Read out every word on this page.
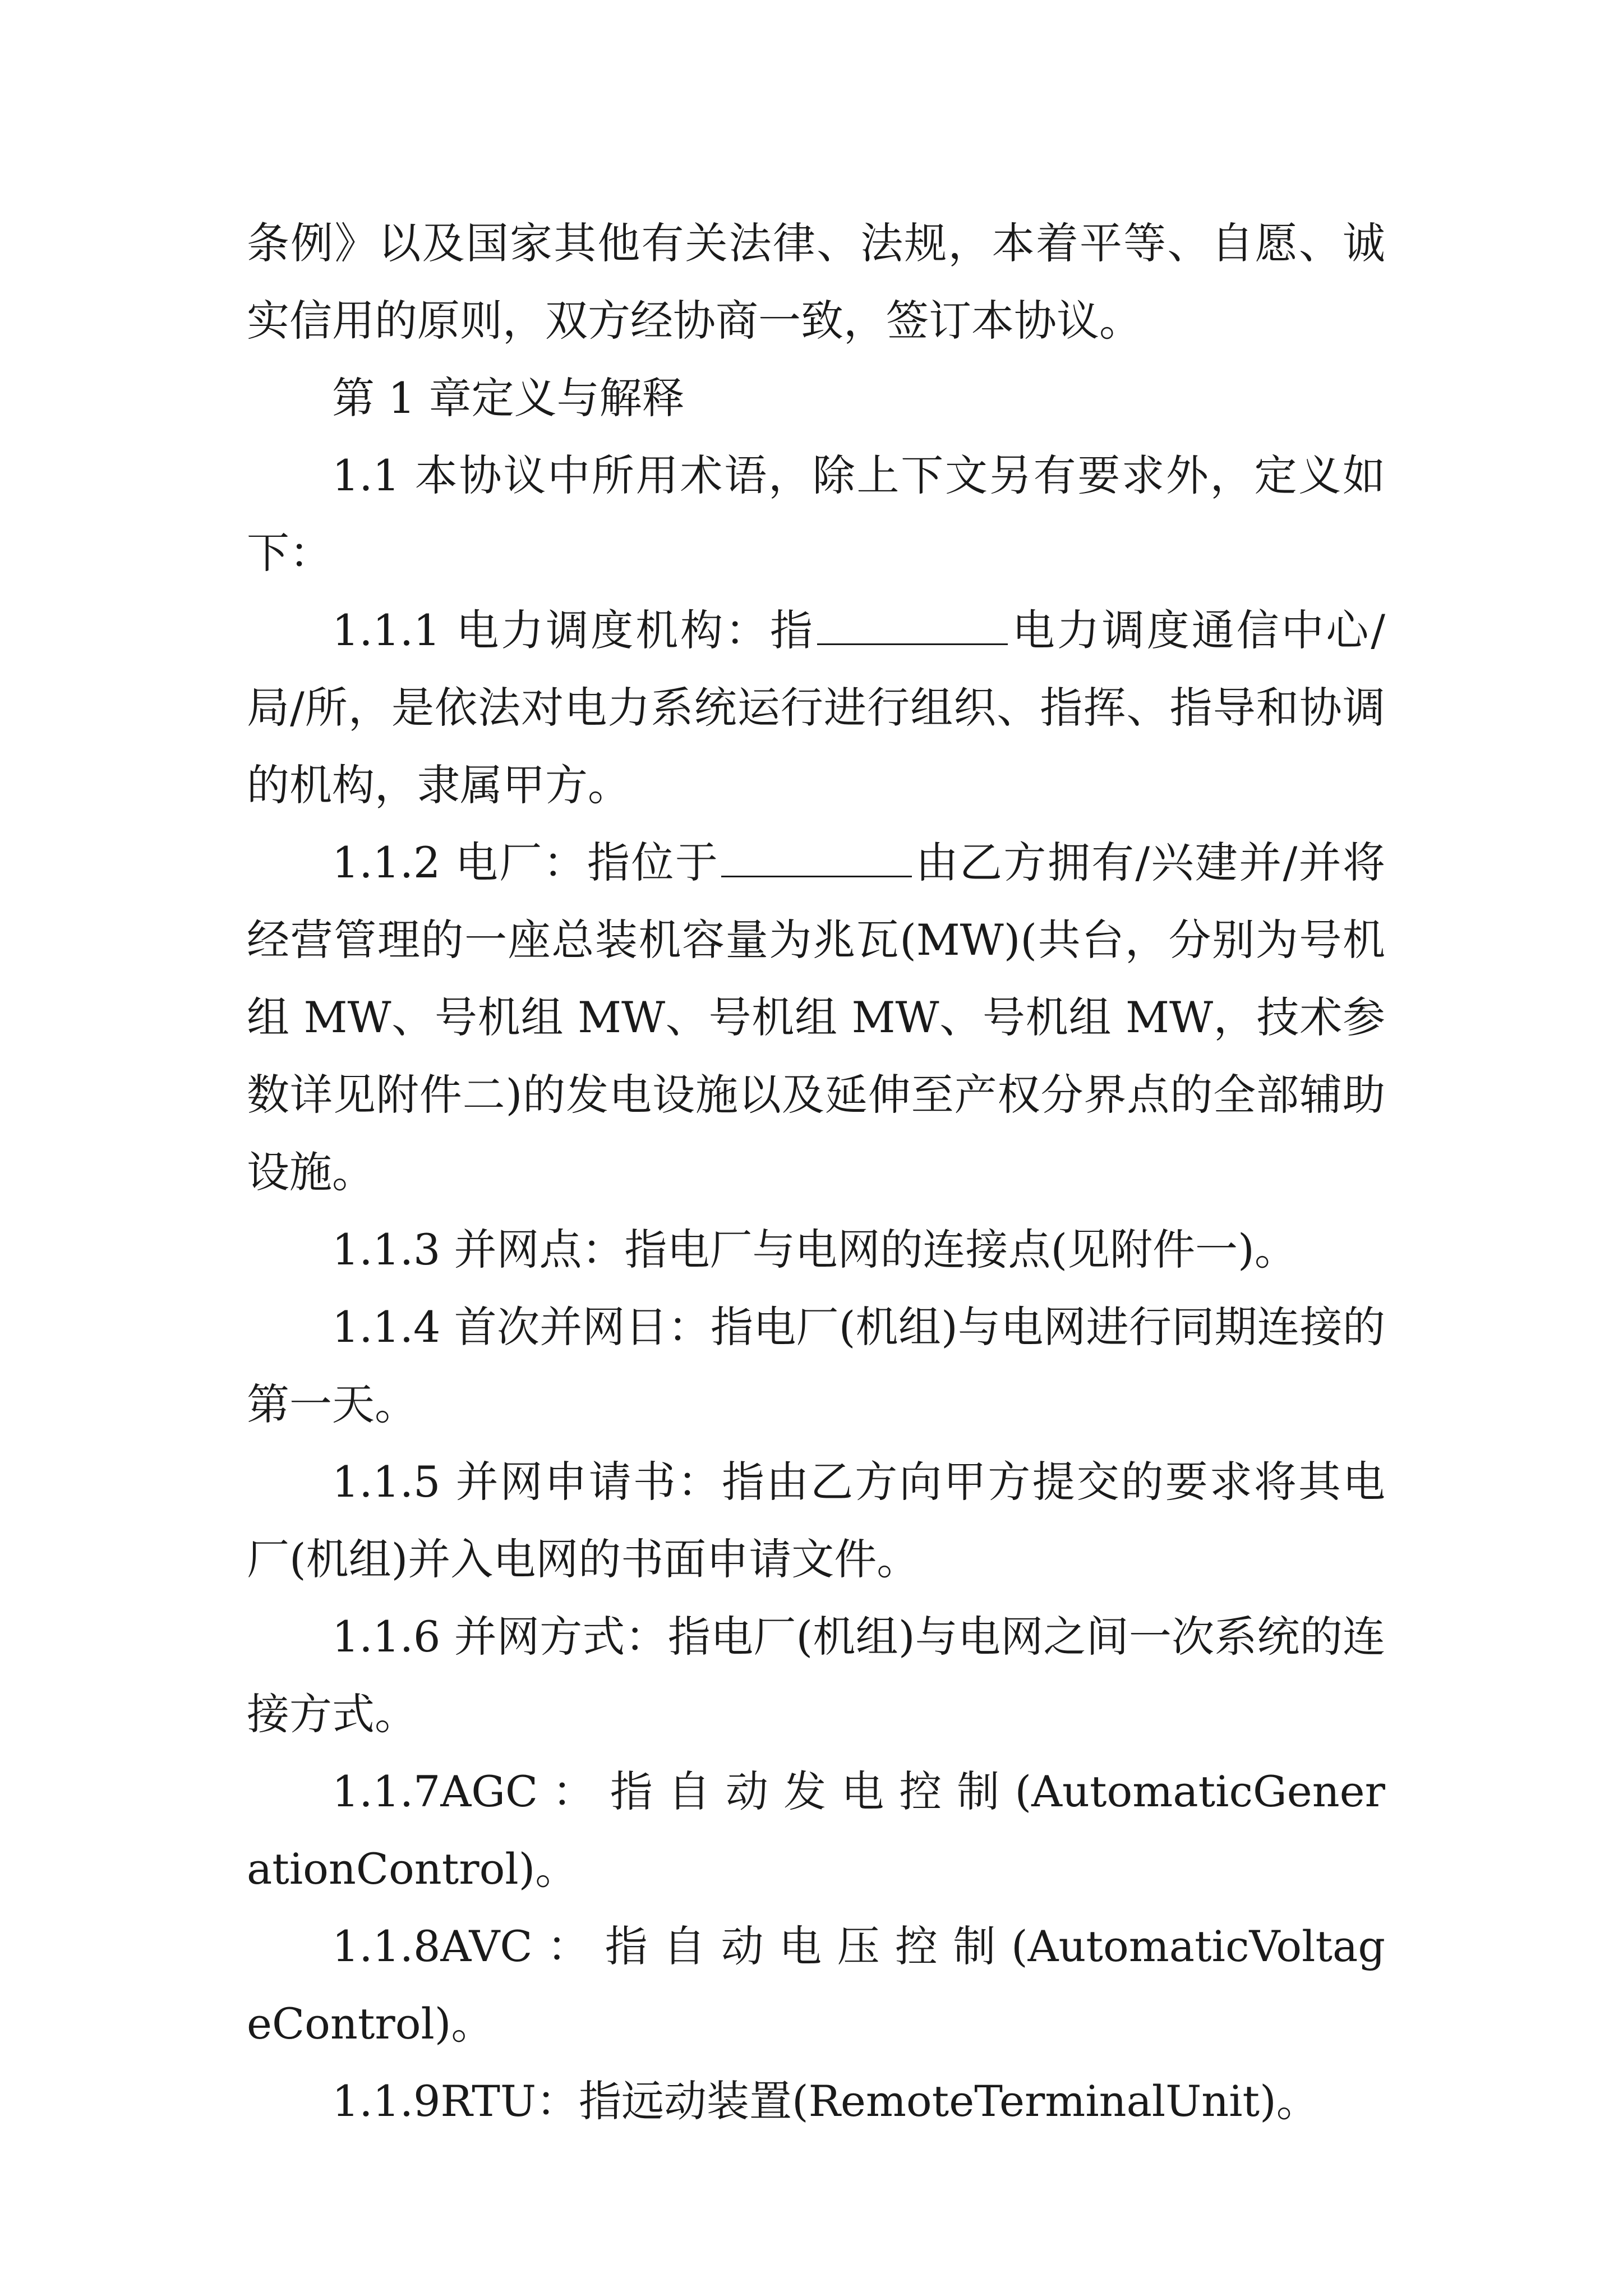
条例》以及国家其他有关法律、法规，本着平等、自愿、诚实信用的原则，双方经协商一致，签订本协议。

第 1 章定义与解释

1.1 本协议中所用术语，除上下文另有要求外，定义如下：

1.1.1 电力调度机构：指	电力调度通信中心/局/所，是依法对电力系统运行进行组织、指挥、指导和协调的机构，隶属甲方。

1.1.2 电厂：指位于	由乙方拥有/兴建并/并将经营管理的一座总装机容量为兆瓦(MW)(共台，分别为号机组 MW、号机组 MW、号机组 MW、号机组 MW，技术参数详见附件二)的发电设施以及延伸至产权分界点的全部辅助设施。

1.1.3 并网点：指电厂与电网的连接点(见附件一)。

1.1.4 首次并网日：指电厂(机组)与电网进行同期连接的第一天。

1.1.5 并网申请书：指由乙方向甲方提交的要求将其电厂(机组)并入电网的书面申请文件。

1.1.6 并网方式：指电厂(机组)与电网之间一次系统的连接方式。

1.1.7AGC ： 指 自 动 发 电 控 制 (AutomaticGenerationControl)。

1.1.8AVC ： 指 自 动 电 压 控 制 (AutomaticVoltageControl)。

1.1.9RTU：指远动装置(RemoteTerminalUnit)。
